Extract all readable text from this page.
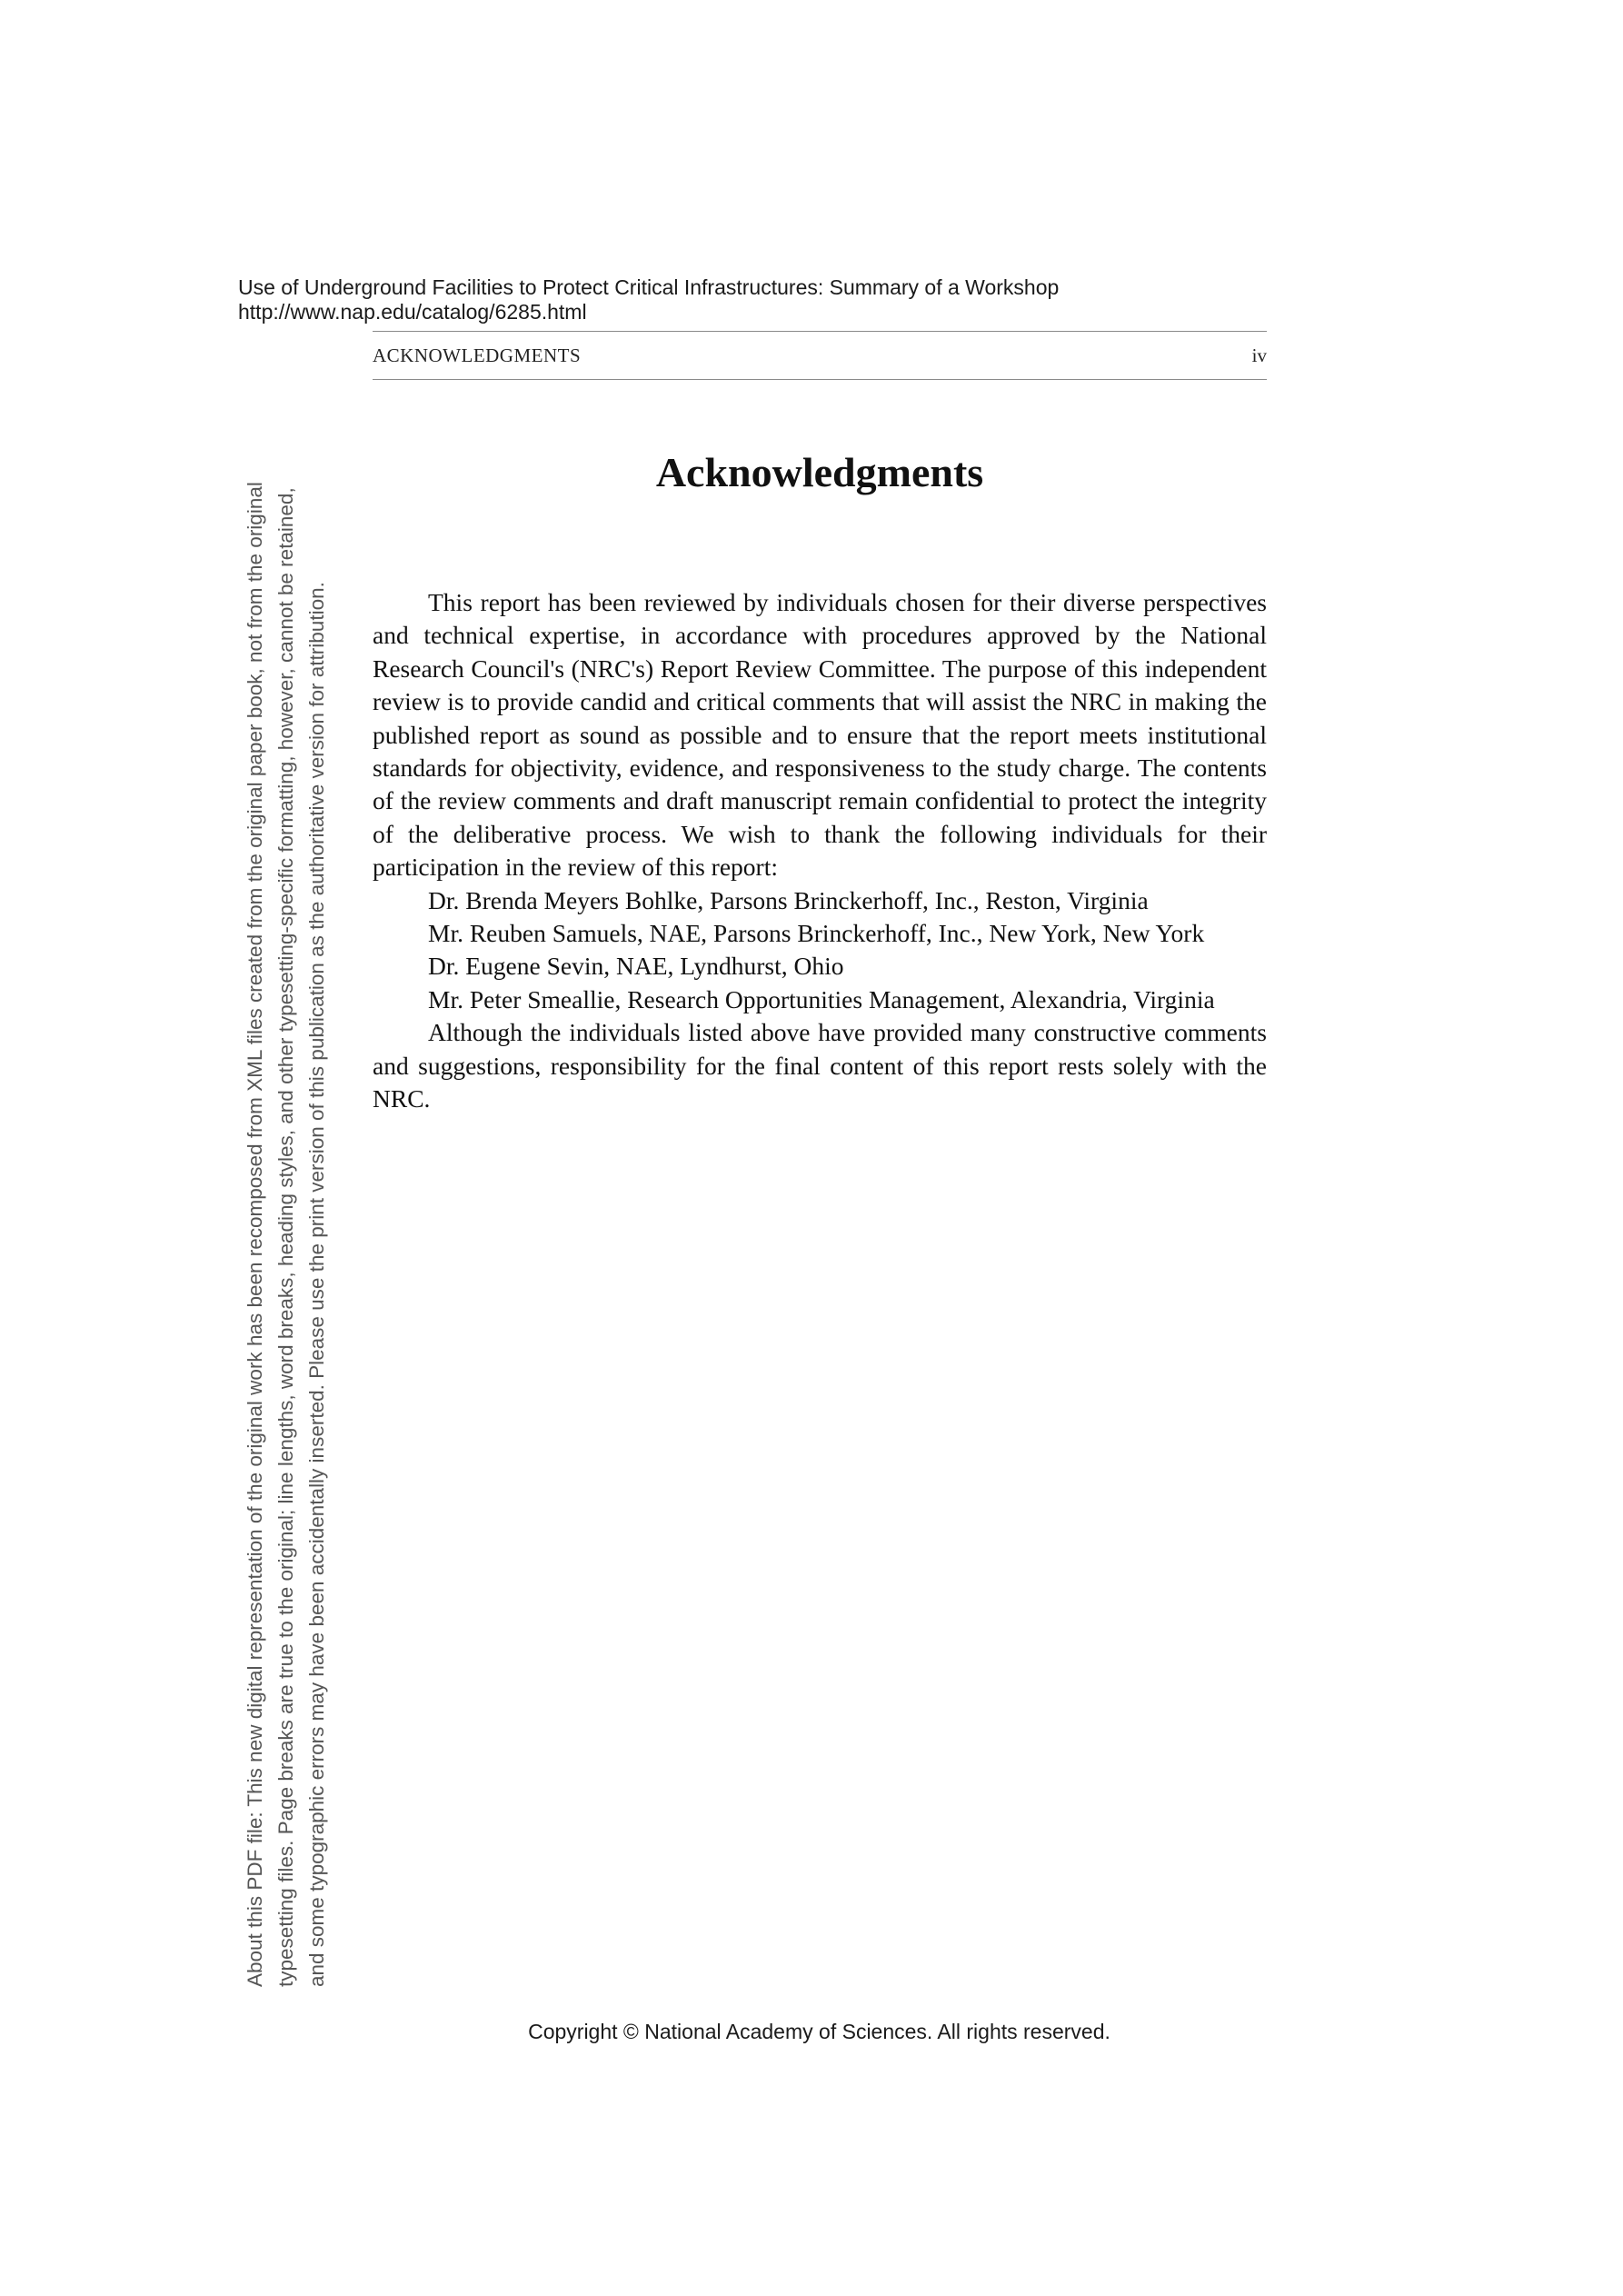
Use of Underground Facilities to Protect Critical Infrastructures: Summary of a Workshop
http://www.nap.edu/catalog/6285.html
ACKNOWLEDGMENTS	iv
About this PDF file: This new digital representation of the original work has been recomposed from XML files created from the original paper book, not from the original typesetting files. Page breaks are true to the original; line lengths, word breaks, heading styles, and other typesetting-specific formatting, however, cannot be retained, and some typographic errors may have been accidentally inserted. Please use the print version of this publication as the authoritative version for attribution.
Acknowledgments

This report has been reviewed by individuals chosen for their diverse perspectives and technical expertise, in accordance with procedures approved by the National Research Council's (NRC's) Report Review Committee. The purpose of this independent review is to provide candid and critical comments that will assist the NRC in making the published report as sound as possible and to ensure that the report meets institutional standards for objectivity, evidence, and responsiveness to the study charge. The contents of the review comments and draft manuscript remain confidential to protect the integrity of the deliberative process. We wish to thank the following individuals for their participation in the review of this report:

Dr. Brenda Meyers Bohlke, Parsons Brinckerhoff, Inc., Reston, Virginia

Mr. Reuben Samuels, NAE, Parsons Brinckerhoff, Inc., New York, New York

Dr. Eugene Sevin, NAE, Lyndhurst, Ohio

Mr. Peter Smeallie, Research Opportunities Management, Alexandria, Virginia

Although the individuals listed above have provided many constructive comments and suggestions, responsibility for the final content of this report rests solely with the NRC.

Copyright © National Academy of Sciences. All rights reserved.
